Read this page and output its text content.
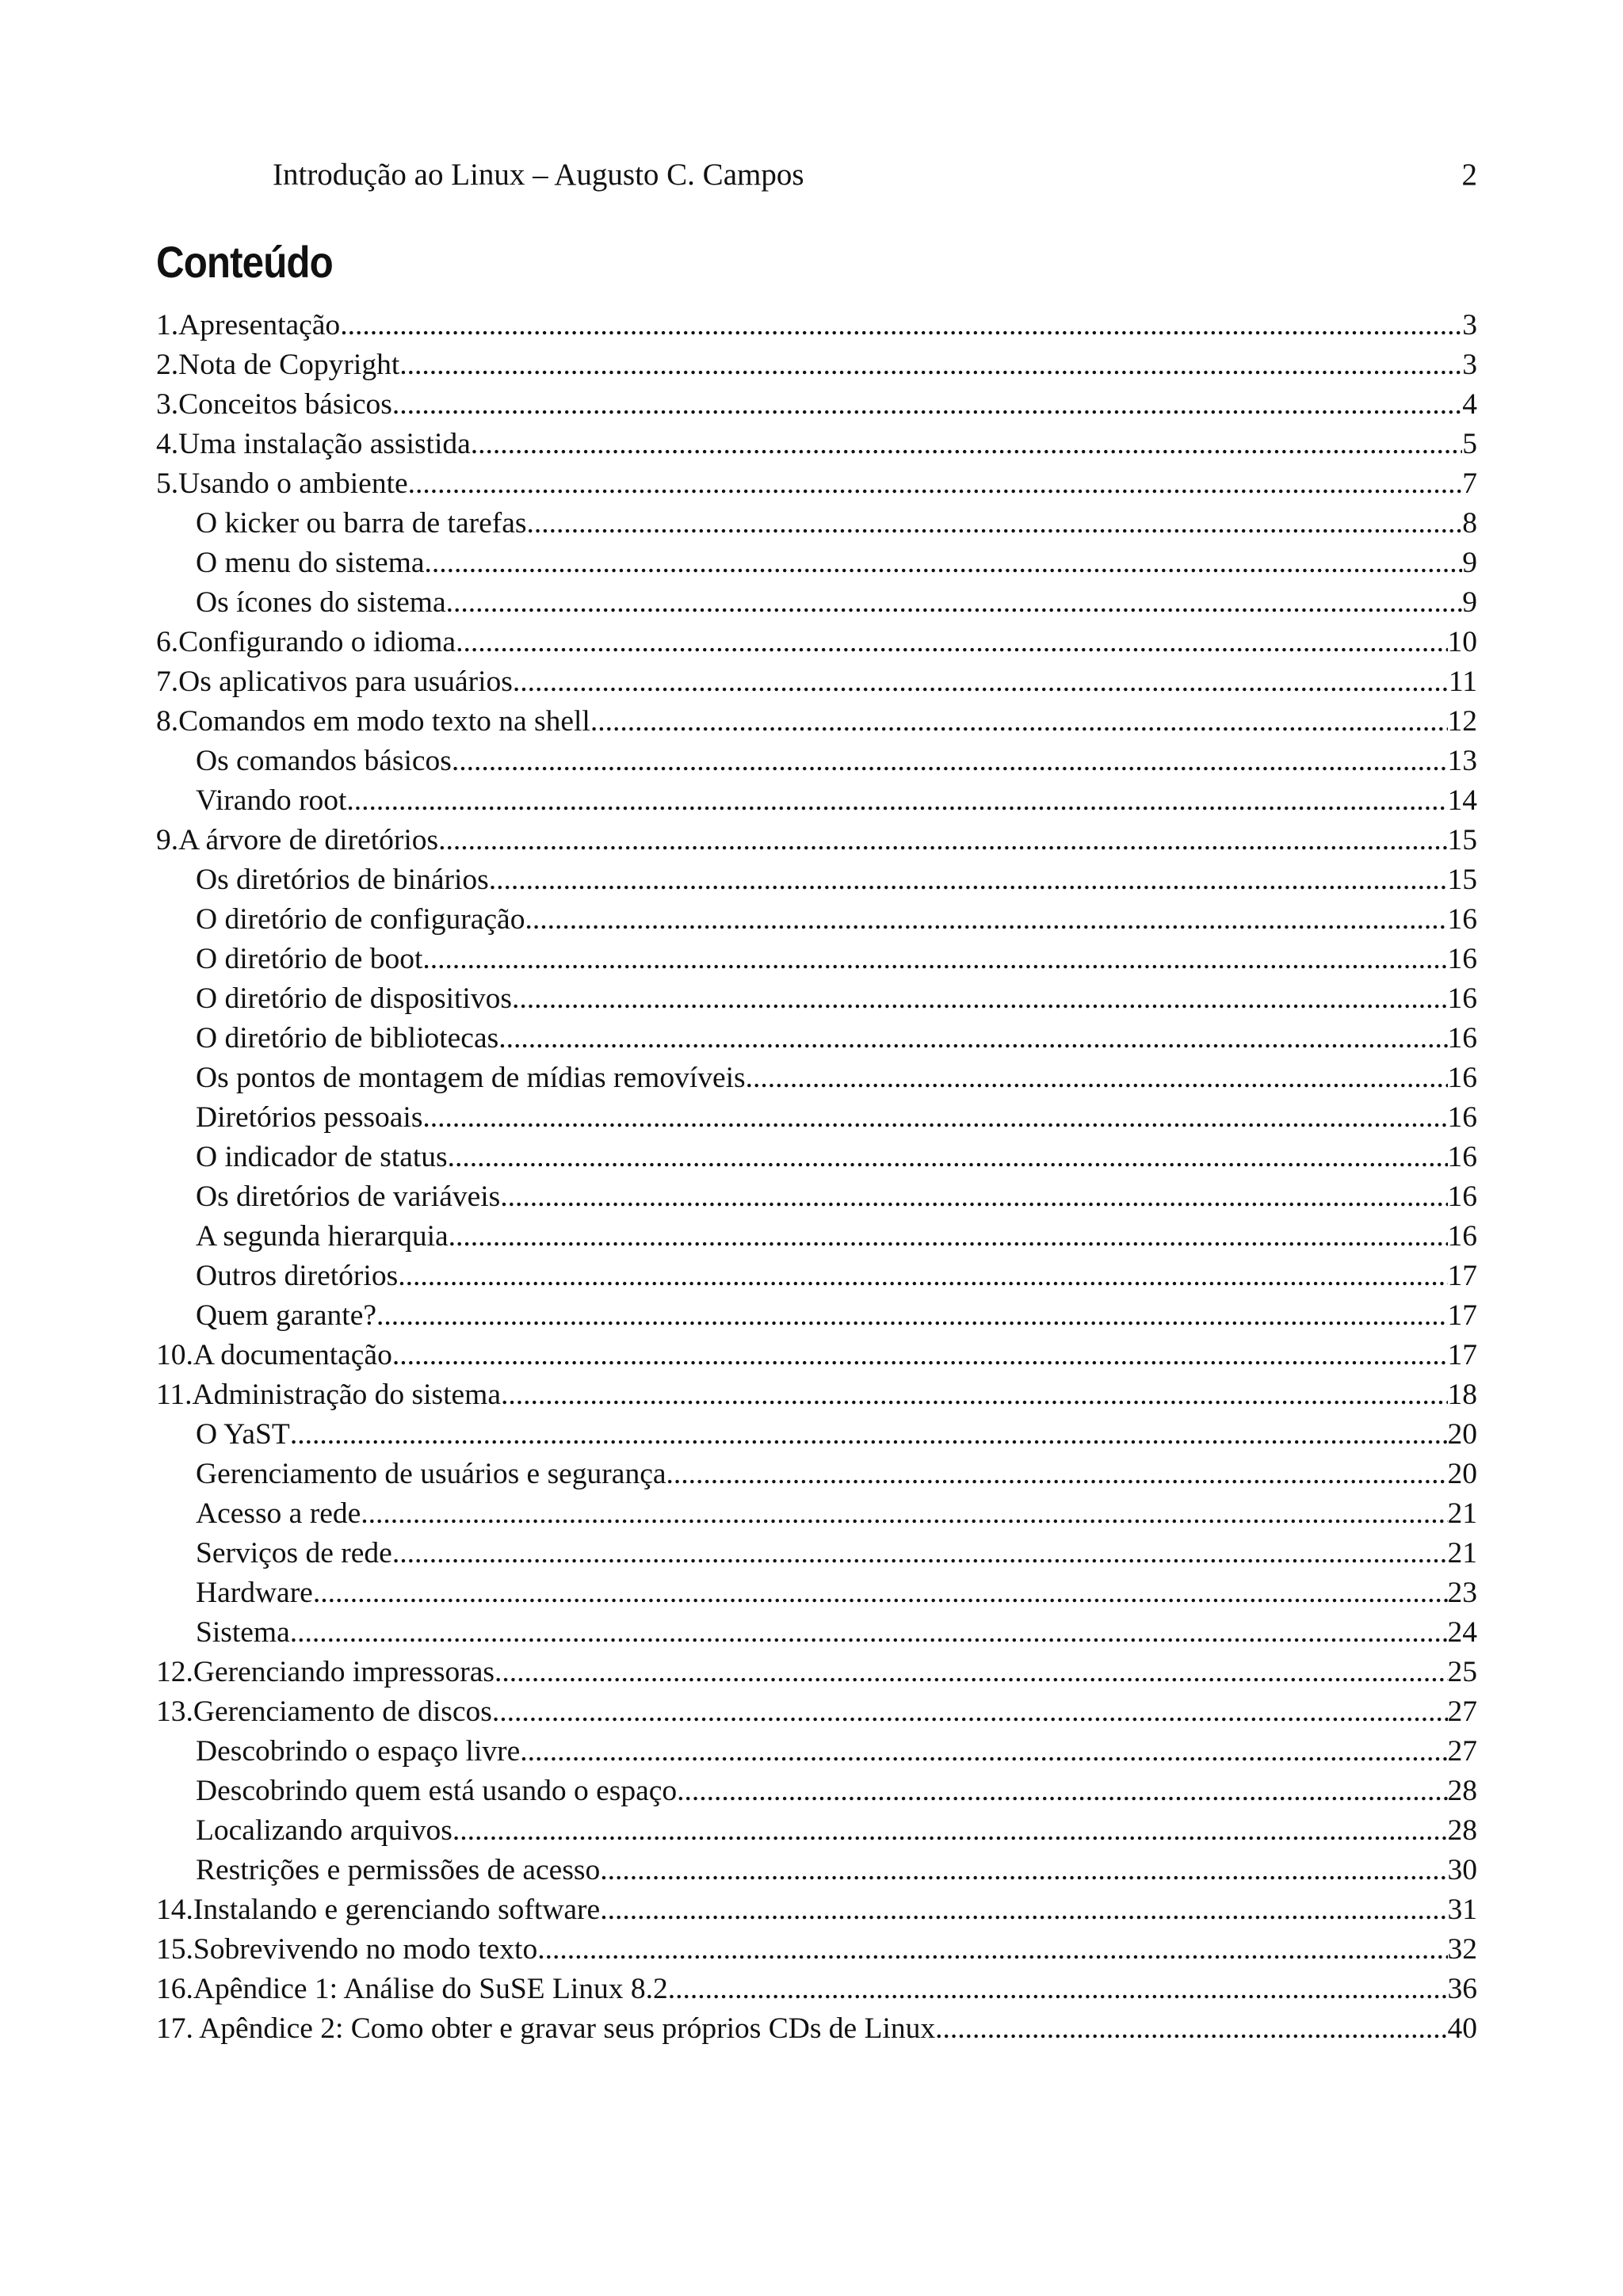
Introdução ao Linux – Augusto C. Campos	2
Conteúdo
1.Apresentação .....	3
2.Nota de Copyright .....	3
3.Conceitos básicos .....	4
4.Uma instalação assistida .....	5
5.Usando o ambiente .....	7
O kicker ou barra de tarefas .....	8
O menu do sistema .....	9
Os ícones do sistema .....	9
6.Configurando o idioma .....	10
7.Os aplicativos para usuários .....	11
8.Comandos em modo texto na shell .....	12
Os comandos básicos .....	13
Virando root .....	14
9.A árvore de diretórios .....	15
Os diretórios de binários .....	15
O diretório de configuração .....	16
O diretório de boot .....	16
O diretório de dispositivos .....	16
O diretório de bibliotecas .....	16
Os pontos de montagem de mídias removíveis .....	16
Diretórios pessoais .....	16
O indicador de status .....	16
Os diretórios de variáveis .....	16
A segunda hierarquia .....	16
Outros diretórios .....	17
Quem garante? .....	17
10.A documentação .....	17
11.Administração do sistema .....	18
O YaST .....	20
Gerenciamento de usuários e segurança .....	20
Acesso a rede .....	21
Serviços de rede .....	21
Hardware .....	23
Sistema .....	24
12.Gerenciando impressoras .....	25
13.Gerenciamento de discos .....	27
Descobrindo o espaço livre .....	27
Descobrindo quem está usando o espaço .....	28
Localizando arquivos .....	28
Restrições e permissões de acesso .....	30
14.Instalando e gerenciando software .....	31
15.Sobrevivendo no modo texto .....	32
16.Apêndice 1: Análise do SuSE Linux 8.2 .....	36
17. Apêndice 2: Como obter e gravar seus próprios CDs de Linux .....	40
